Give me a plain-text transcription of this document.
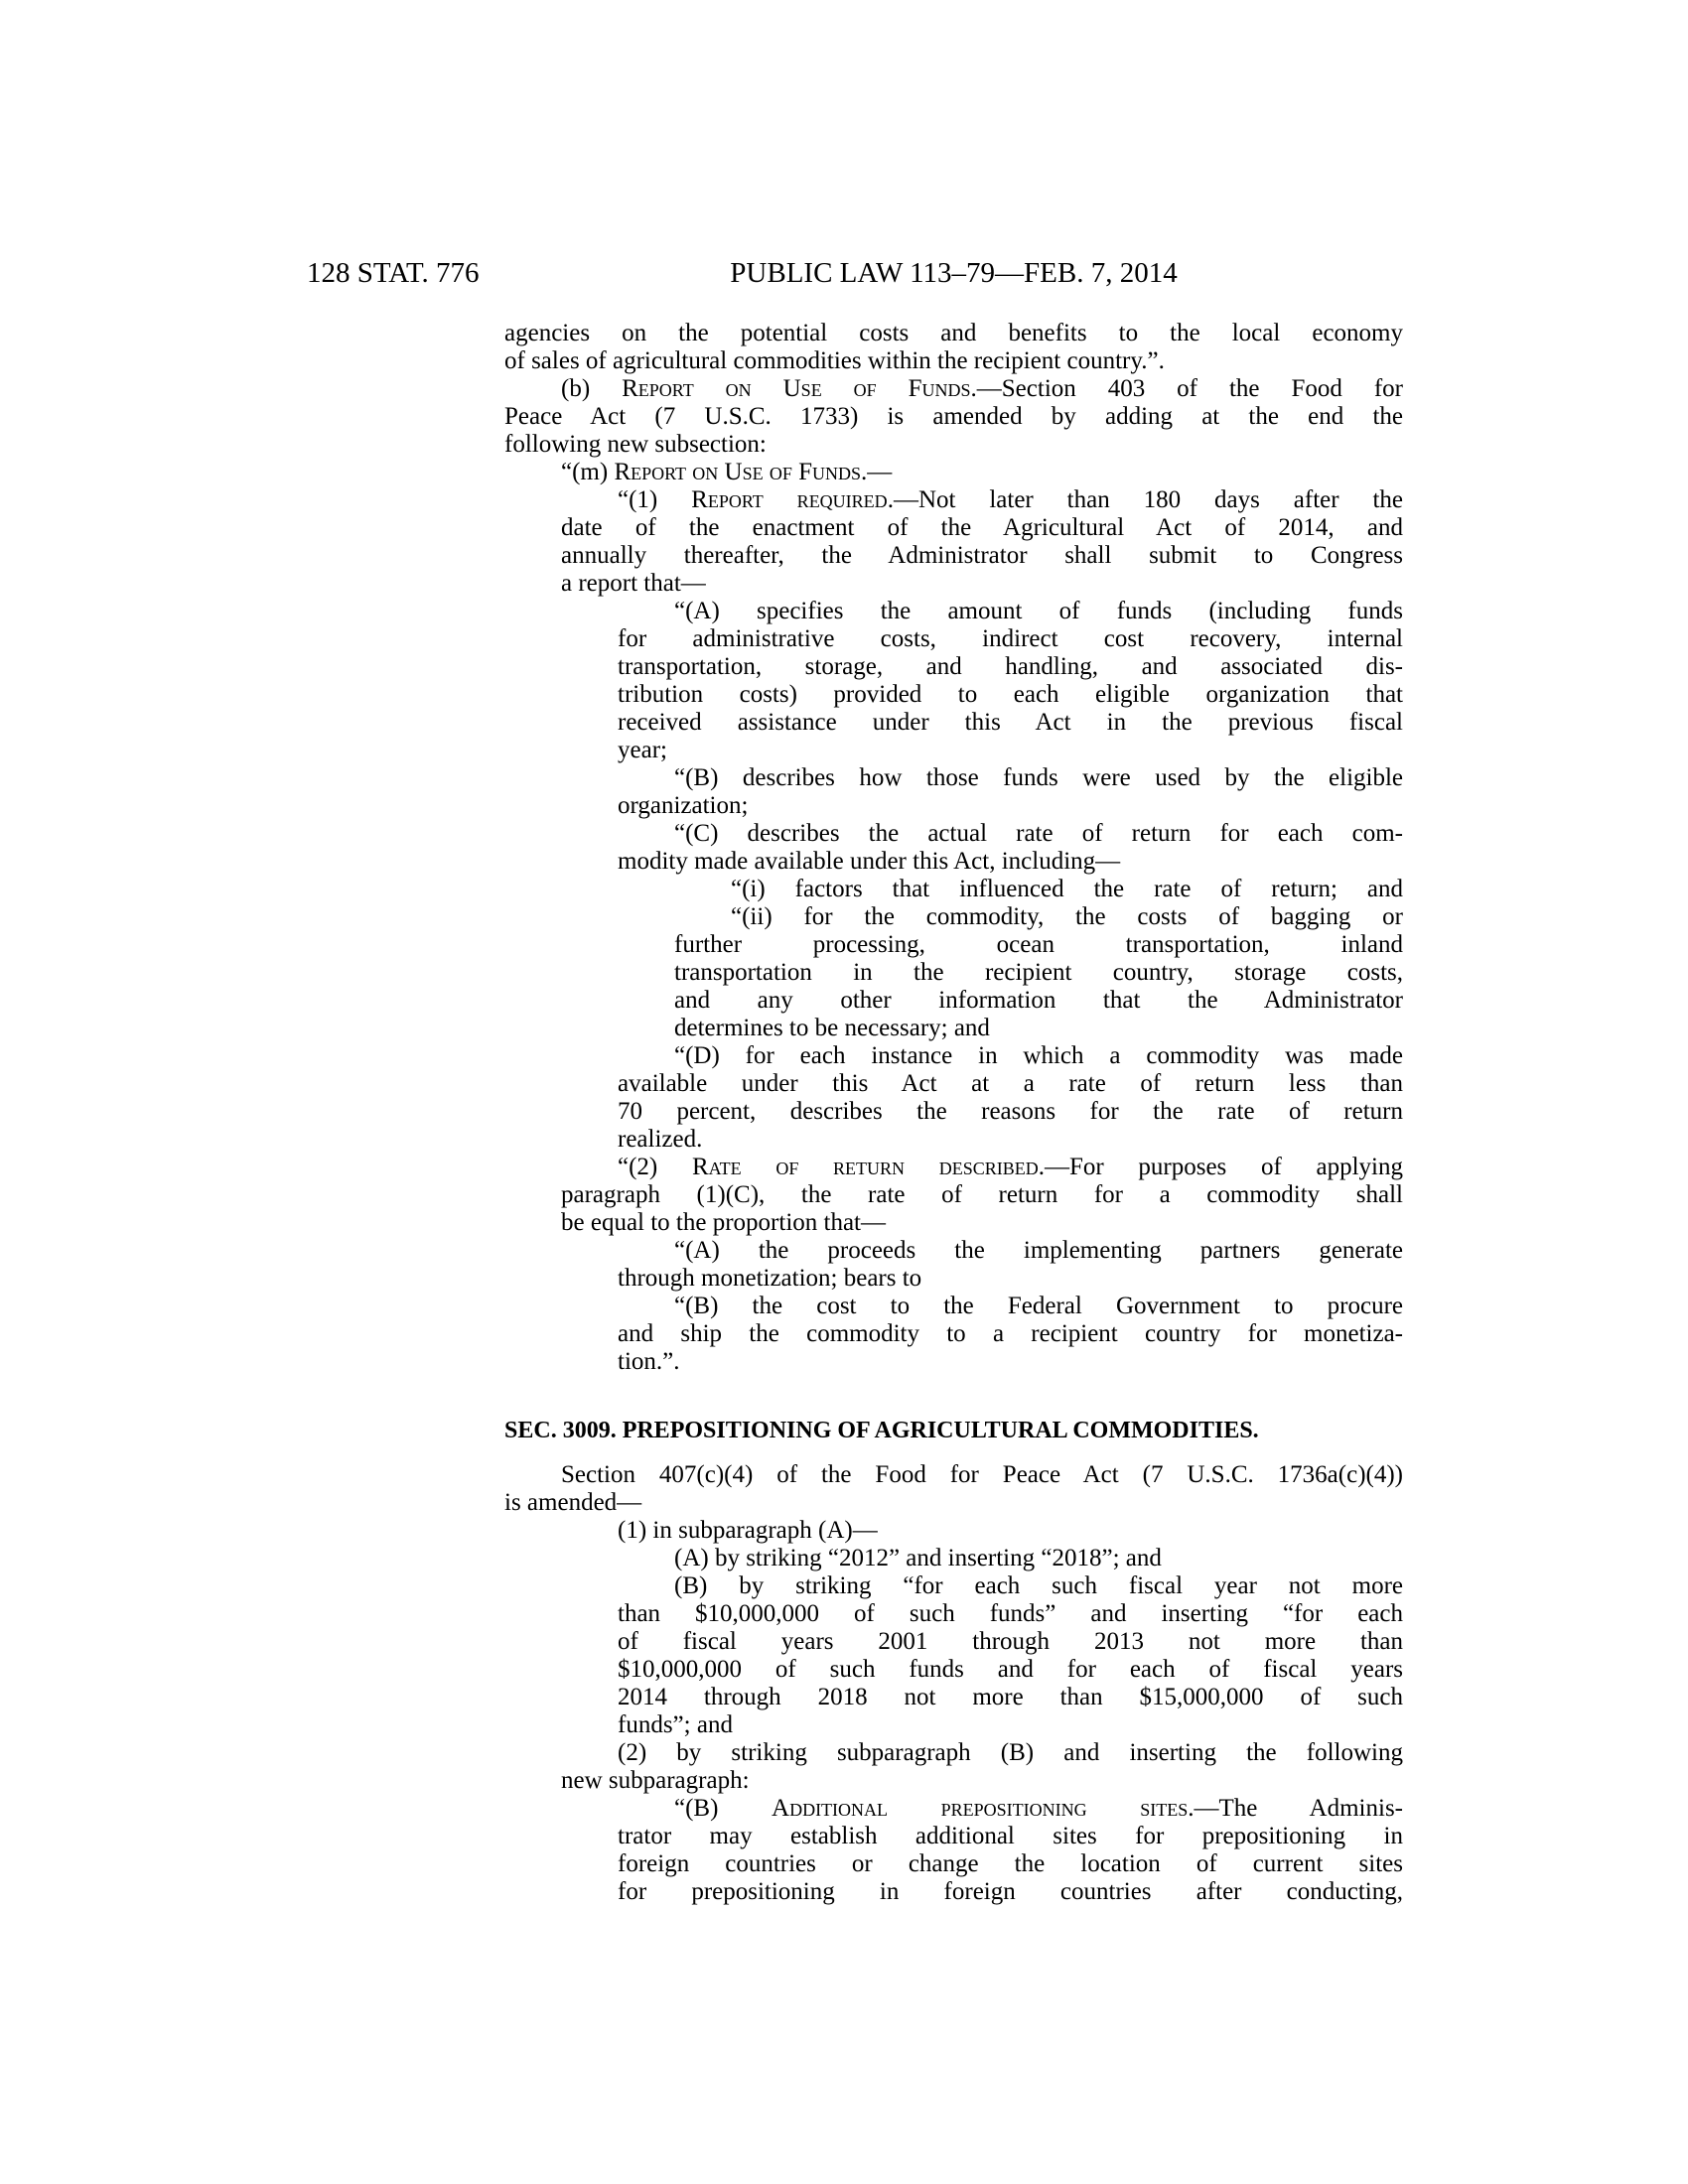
128 STAT. 776	PUBLIC LAW 113–79—FEB. 7, 2014
agencies on the potential costs and benefits to the local economy
of sales of agricultural commodities within the recipient country.”.
(b) Report on Use of Funds.—Section 403 of the Food for
Peace Act (7 U.S.C. 1733) is amended by adding at the end the
following new subsection:
“(m) Report on Use of Funds.—
“(1) Report required.—Not later than 180 days after the
date of the enactment of the Agricultural Act of 2014, and
annually thereafter, the Administrator shall submit to Congress
a report that—
“(A) specifies the amount of funds (including funds
for administrative costs, indirect cost recovery, internal
transportation, storage, and handling, and associated dis-
tribution costs) provided to each eligible organization that
received assistance under this Act in the previous fiscal
year;
“(B) describes how those funds were used by the eligible
organization;
“(C) describes the actual rate of return for each com-
modity made available under this Act, including—
“(i) factors that influenced the rate of return; and
“(ii) for the commodity, the costs of bagging or
further processing, ocean transportation, inland
transportation in the recipient country, storage costs,
and any other information that the Administrator
determines to be necessary; and
“(D) for each instance in which a commodity was made
available under this Act at a rate of return less than
70 percent, describes the reasons for the rate of return
realized.
“(2) Rate of return described.—For purposes of applying
paragraph (1)(C), the rate of return for a commodity shall
be equal to the proportion that—
“(A) the proceeds the implementing partners generate
through monetization; bears to
“(B) the cost to the Federal Government to procure
and ship the commodity to a recipient country for monetiza-
tion.”.
SEC. 3009. PREPOSITIONING OF AGRICULTURAL COMMODITIES.
Section 407(c)(4) of the Food for Peace Act (7 U.S.C. 1736a(c)(4))
is amended—
(1) in subparagraph (A)—
(A) by striking “2012” and inserting “2018”; and
(B) by striking “for each such fiscal year not more
than $10,000,000 of such funds” and inserting “for each
of fiscal years 2001 through 2013 not more than
$10,000,000 of such funds and for each of fiscal years
2014 through 2018 not more than $15,000,000 of such
funds”; and
(2) by striking subparagraph (B) and inserting the following
new subparagraph:
“(B) Additional prepositioning sites.—The Adminis-
trator may establish additional sites for prepositioning in
foreign countries or change the location of current sites
for prepositioning in foreign countries after conducting,
